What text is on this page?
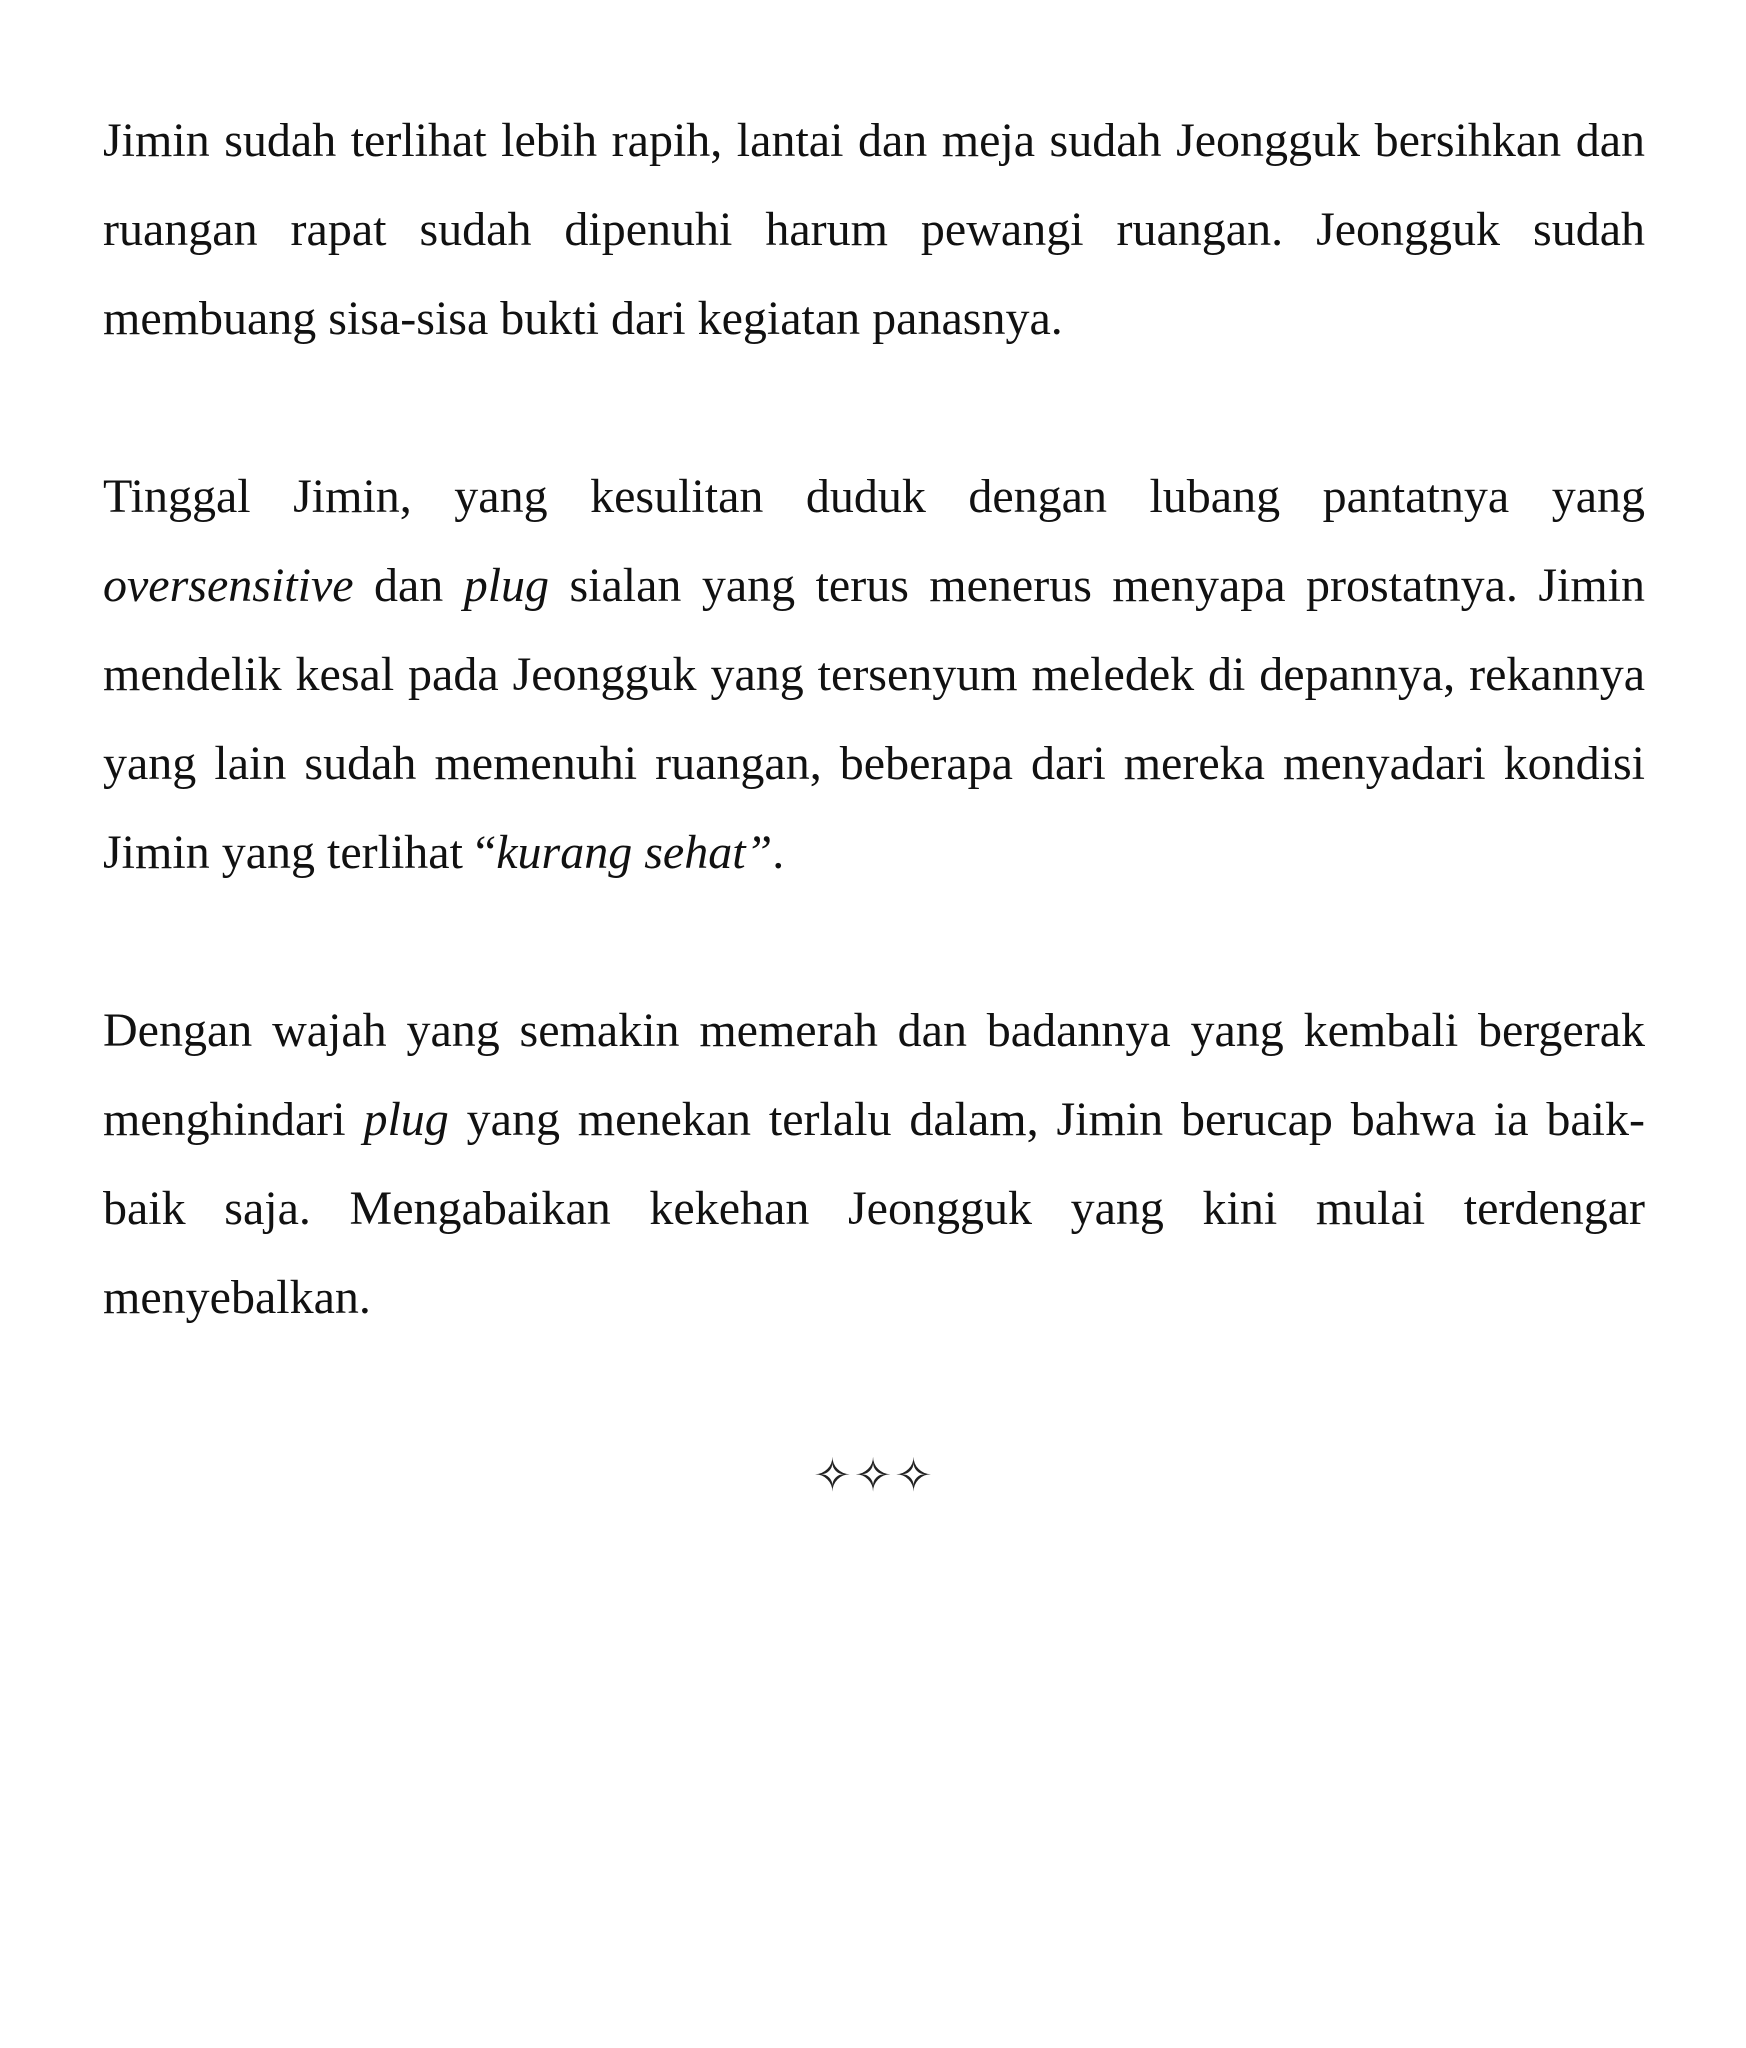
Jimin sudah terlihat lebih rapih, lantai dan meja sudah Jeongguk bersihkan dan ruangan rapat sudah dipenuhi harum pewangi ruangan. Jeongguk sudah membuang sisa-sisa bukti dari kegiatan panasnya.

Tinggal Jimin, yang kesulitan duduk dengan lubang pantatnya yang oversensitive dan plug sialan yang terus menerus menyapa prostatnya. Jimin mendelik kesal pada Jeongguk yang tersenyum meledek di depannya, rekannya yang lain sudah memenuhi ruangan, beberapa dari mereka menyadari kondisi Jimin yang terlihat “kurang sehat”.

Dengan wajah yang semakin memerah dan badannya yang kembali bergerak menghindari plug yang menekan terlalu dalam, Jimin berucap bahwa ia baik-baik saja. Mengabaikan kekehan Jeongguk yang kini mulai terdengar menyebalkan.

✧✧✧
